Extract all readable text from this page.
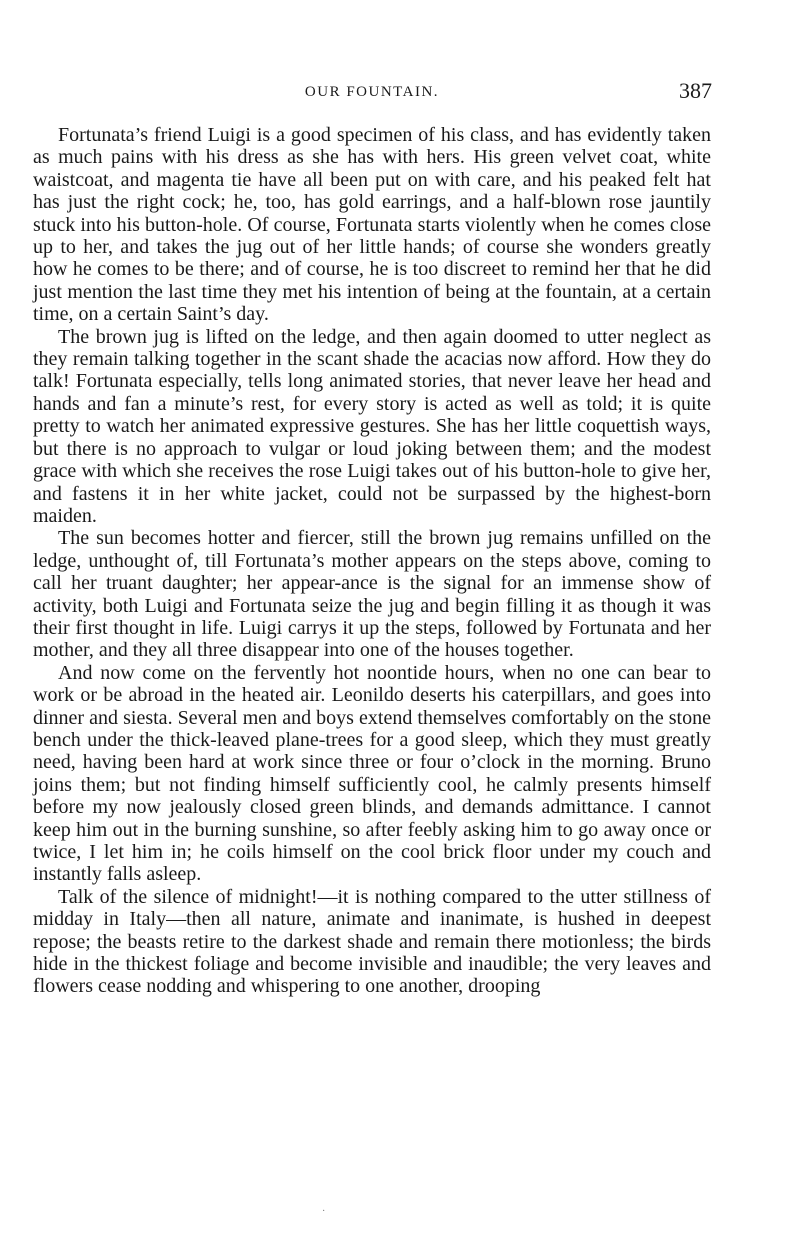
OUR FOUNTAIN.	387

Fortunata’s friend Luigi is a good specimen of his class, and has evidently taken as much pains with his dress as she has with hers. His green velvet coat, white waistcoat, and magenta tie have all been put on with care, and his peaked felt hat has just the right cock; he, too, has gold earrings, and a half-blown rose jauntily stuck into his button-hole. Of course, Fortunata starts violently when he comes close up to her, and takes the jug out of her little hands; of course she wonders greatly how he comes to be there; and of course, he is too discreet to remind her that he did just mention the last time they met his intention of being at the fountain, at a certain time, on a certain Saint’s day.

The brown jug is lifted on the ledge, and then again doomed to utter neglect as they remain talking together in the scant shade the acacias now afford. How they do talk! Fortunata especially, tells long animated stories, that never leave her head and hands and fan a minute’s rest, for every story is acted as well as told; it is quite pretty to watch her animated expressive gestures. She has her little coquettish ways, but there is no approach to vulgar or loud joking between them; and the modest grace with which she receives the rose Luigi takes out of his button-hole to give her, and fastens it in her white jacket, could not be surpassed by the highest-born maiden.

The sun becomes hotter and fiercer, still the brown jug remains unfilled on the ledge, unthought of, till Fortunata’s mother appears on the steps above, coming to call her truant daughter; her appear-ance is the signal for an immense show of activity, both Luigi and Fortunata seize the jug and begin filling it as though it was their first thought in life. Luigi carrys it up the steps, followed by Fortunata and her mother, and they all three disappear into one of the houses together.

And now come on the fervently hot noontide hours, when no one can bear to work or be abroad in the heated air. Leonildo deserts his caterpillars, and goes into dinner and siesta. Several men and boys extend themselves comfortably on the stone bench under the thick-leaved plane-trees for a good sleep, which they must greatly need, having been hard at work since three or four o’clock in the morning. Bruno joins them; but not finding himself sufficiently cool, he calmly presents himself before my now jealously closed green blinds, and demands admittance. I cannot keep him out in the burning sunshine, so after feebly asking him to go away once or twice, I let him in; he coils himself on the cool brick floor under my couch and instantly falls asleep.

Talk of the silence of midnight!—it is nothing compared to the utter stillness of midday in Italy—then all nature, animate and inanimate, is hushed in deepest repose; the beasts retire to the darkest shade and remain there motionless; the birds hide in the thickest foliage and become invisible and inaudible; the very leaves and flowers cease nodding and whispering to one another, drooping

·
